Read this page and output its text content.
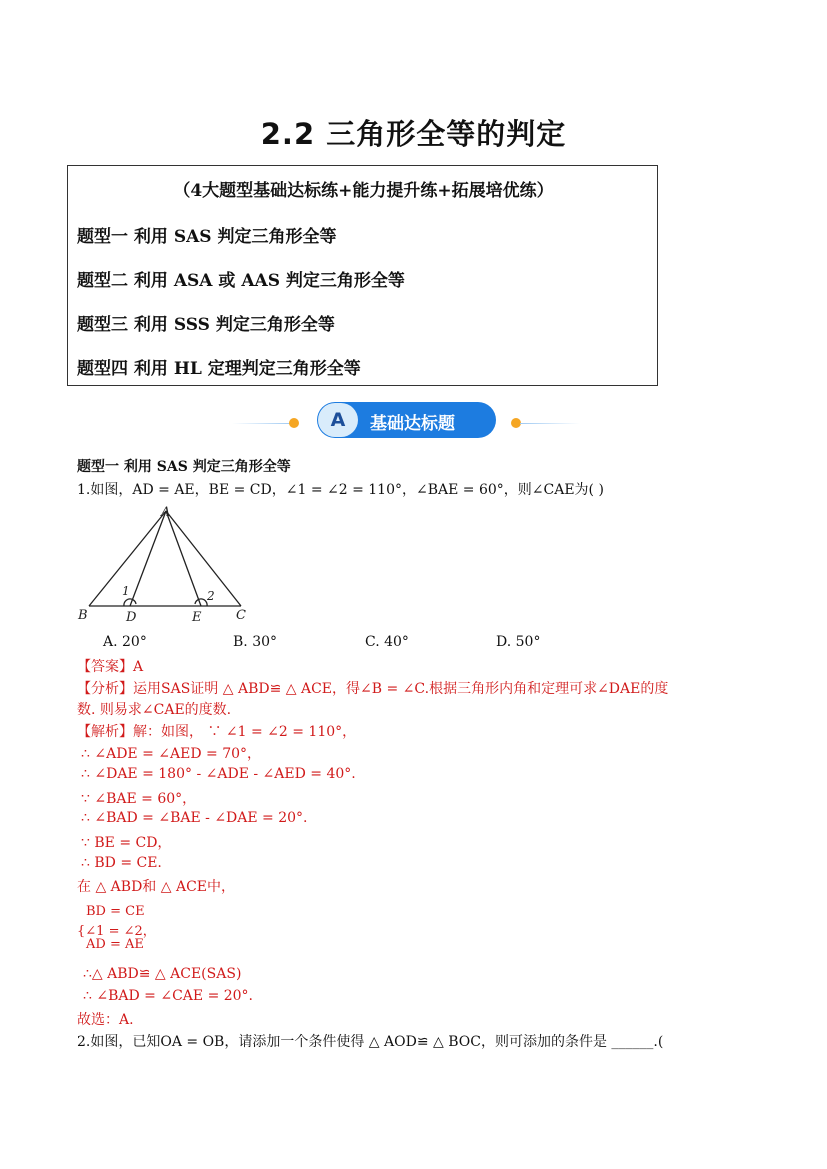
2.2 三角形全等的判定
（4大题型基础达标练+能力提升练+拓展培优练）
题型一 利用 SAS 判定三角形全等
题型二 利用 ASA 或 AAS 判定三角形全等
题型三 利用 SSS 判定三角形全等
题型四 利用 HL 定理判定三角形全等
A	基础达标题
题型一 利用 SAS 判定三角形全等
1.如图，AD = AE，BE = CD，∠1 = ∠2 = 110°，∠BAE = 60°，则∠CAE为( )
A
B	C
D	E
1	2
A. 20°	B. 30°	C. 40°	D. 50°
【答案】A
【分析】运用SAS证明 △ ABD≌ △ ACE，得∠B = ∠C.根据三角形内角和定理可求∠DAE的度
数. 则易求∠CAE的度数.
【解析】解：如图， ∵ ∠1 = ∠2 = 110°，
∴ ∠ADE = ∠AED = 70°，
∴ ∠DAE = 180° - ∠ADE - ∠AED = 40°.
∵ ∠BAE = 60°，
∴ ∠BAD = ∠BAE - ∠DAE = 20°.
∵ BE = CD，
∴ BD = CE.
在 △ ABD和 △ ACE中，
BD = CE
{∠1 = ∠2，
AD = AE
∴△ ABD≌ △ ACE(SAS)
∴ ∠BAD = ∠CAE = 20°.
故选：A.
2.如图，已知OA = OB，请添加一个条件使得 △ AOD≌ △ BOC，则可添加的条件是 ______.(
